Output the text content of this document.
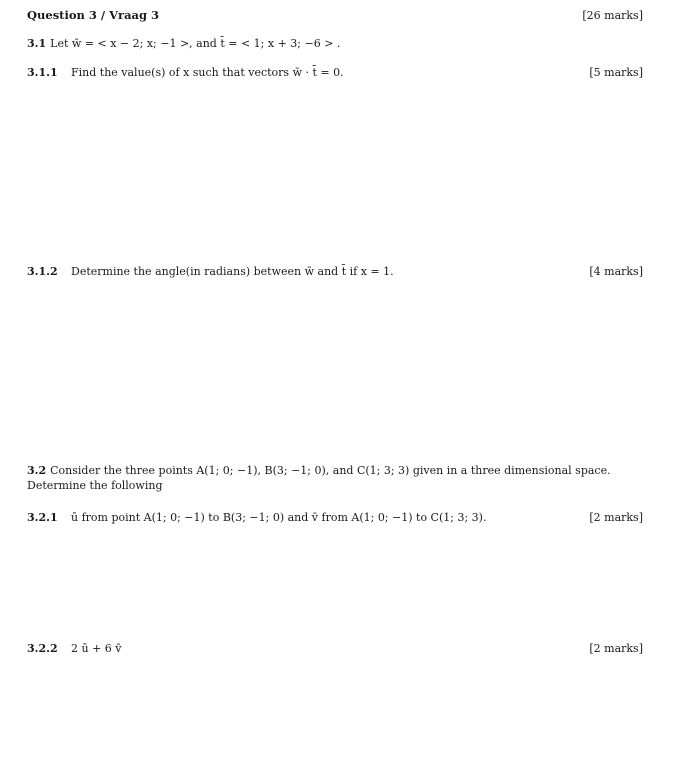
Question 3 / Vraag 3	[26 marks]
3.1 Let w̄ = < x − 2; x; −1 >, and t̄ = < 1; x + 3; −6 > .
3.1.1	Find the value(s) of x such that vectors w̄ · t̄ = 0.	[5 marks]
3.1.2	Determine the angle(in radians) between w̄ and t̄ if x = 1.	[4 marks]
3.2 Consider the three points A(1; 0; −1), B(3; −1; 0), and C(1; 3; 3) given in a three dimensional space. Determine the following
3.2.1	ū from point A(1; 0; −1) to B(3; −1; 0) and v̄ from A(1; 0; −1) to C(1; 3; 3).	[2 marks]
3.2.2	2 ū + 6 v̄	[2 marks]
